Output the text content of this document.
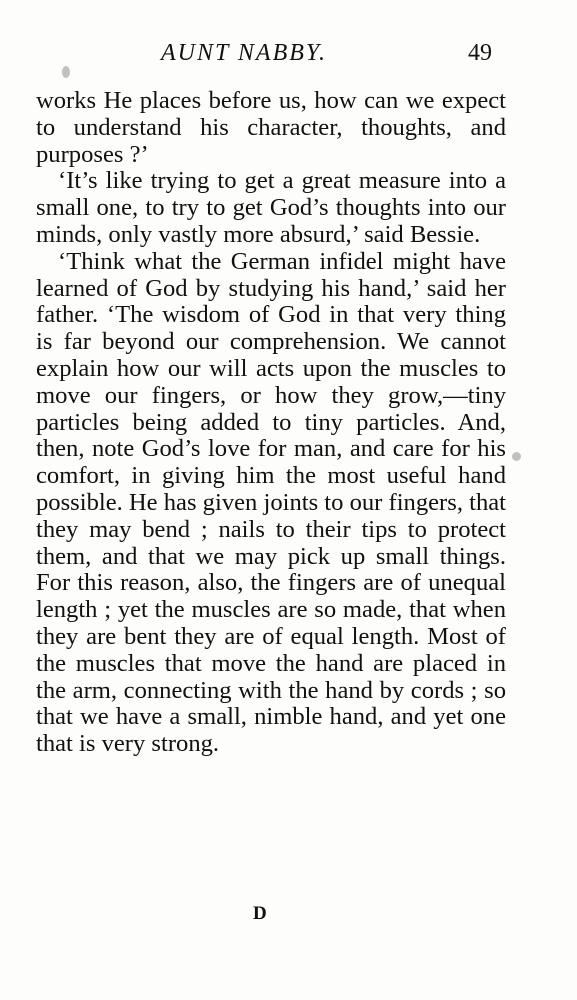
AUNT NABBY.	49

works He places before us, how can we expect to understand his character, thoughts, and purposes ?’

‘It’s like trying to get a great measure into a small one, to try to get God’s thoughts into our minds, only vastly more absurd,’ said Bessie.

‘Think what the German infidel might have learned of God by studying his hand,’ said her father. ‘The wisdom of God in that very thing is far beyond our comprehension. We cannot explain how our will acts upon the muscles to move our fingers, or how they grow,—tiny particles being added to tiny particles. And, then, note God’s love for man, and care for his comfort, in giving him the most useful hand possible. He has given joints to our fingers, that they may bend ; nails to their tips to protect them, and that we may pick up small things. For this reason, also, the fingers are of unequal length ; yet the muscles are so made, that when they are bent they are of equal length. Most of the muscles that move the hand are placed in the arm, connecting with the hand by cords ; so that we have a small, nimble hand, and yet one that is very strong.

D
